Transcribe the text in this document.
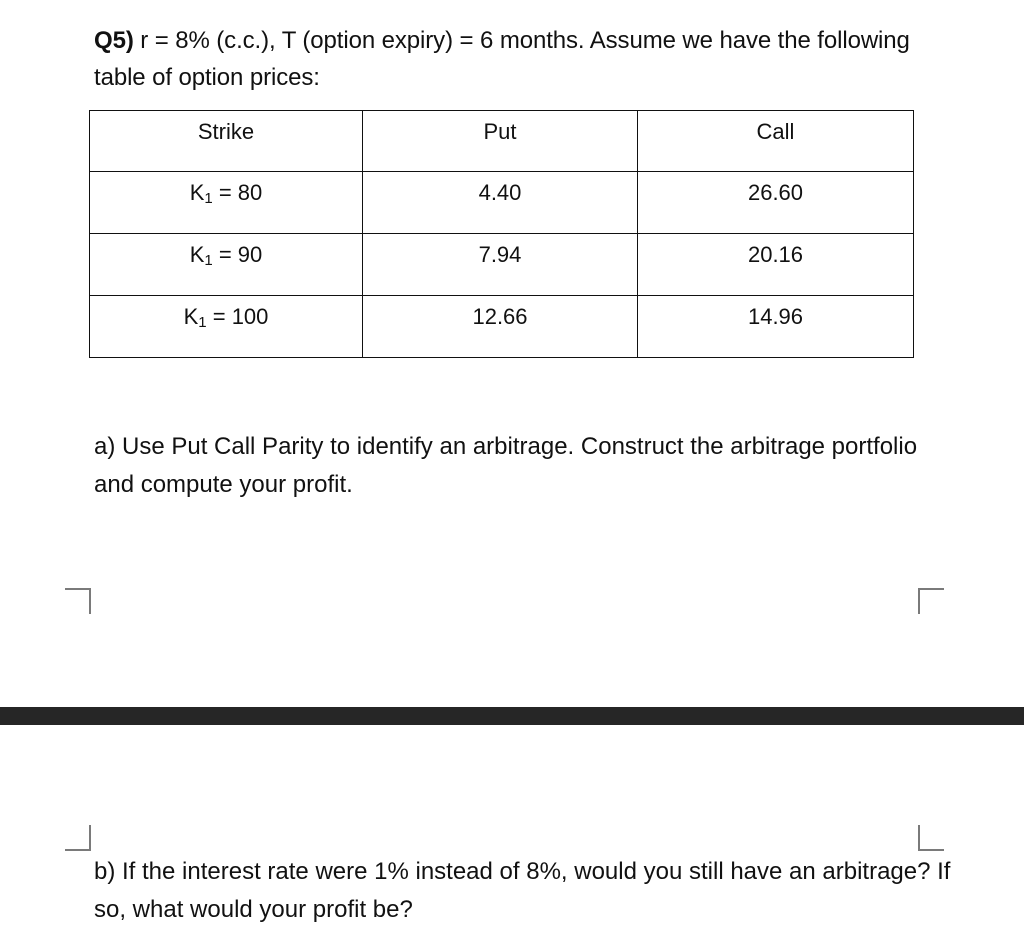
Q5) r = 8% (c.c.), T (option expiry) = 6 months. Assume we have the following table of option prices:
Strike	Put	Call
$K_1 = 80$	4.40	26.60
$K_1 = 90$	7.94	20.16
$K_1 = 100$	12.66	14.96
a) Use Put Call Parity to identify an arbitrage. Construct the arbitrage portfolio and compute your profit.
b) If the interest rate were 1% instead of 8%, would you still have an arbitrage? If so, what would your profit be?
